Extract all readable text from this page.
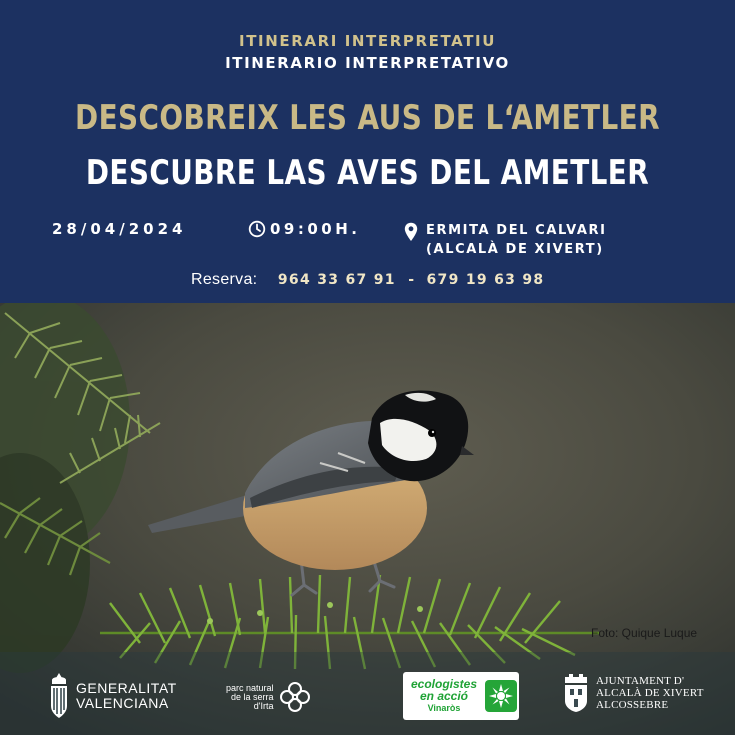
ITINERARI INTERPRETATIU
ITINERARIO INTERPRETATIVO
DESCOBREIX LES AUS DE L‘AMETLER
DESCUBRE LAS AVES DEL AMETLER
28/04/2024	09:00H.	ERMITA DEL CALVARI
(ALCALÀ DE XIVERT)
Reserva: 964 33 67 91 - 679 19 63 98
Foto: Quique Luque
GENERALITAT
VALENCIANA
parc natural
de la serra
d'Irta
ecologistes
en acció
Vinaròs
AJUNTAMENT D'
ALCALÀ DE XIVERT
ALCOSSEBRE
